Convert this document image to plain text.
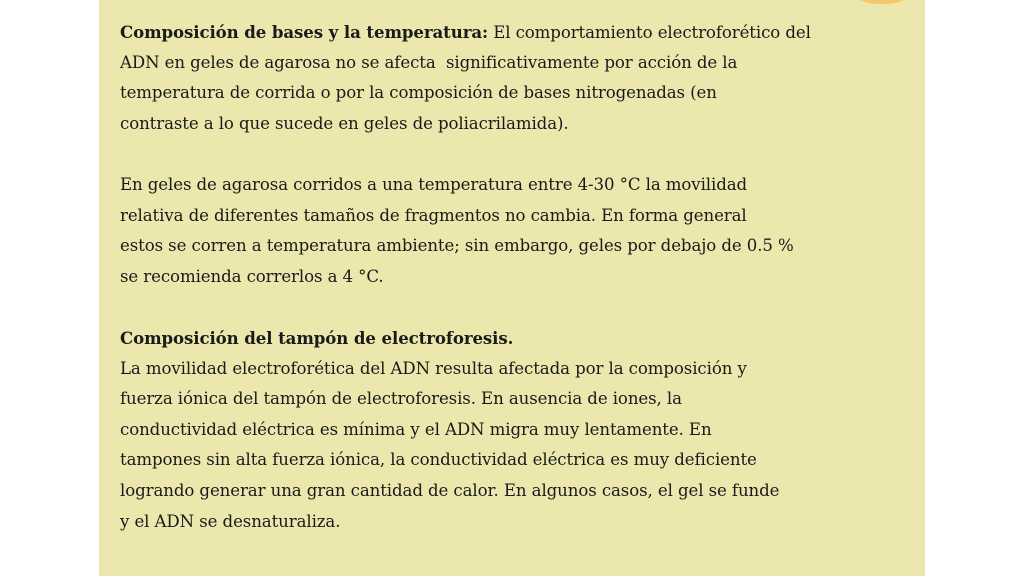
Composición de bases y la temperatura: El comportamiento electroforético del
ADN en geles de agarosa no se afecta  significativamente por acción de la
temperatura de corrida o por la composición de bases nitrogenadas (en
contraste a lo que sucede en geles de poliacrilamida).
En geles de agarosa corridos a una temperatura entre 4-30 °C la movilidad
relativa de diferentes tamaños de fragmentos no cambia. En forma general
estos se corren a temperatura ambiente; sin embargo, geles por debajo de 0.5 %
se recomienda correrlos a 4 °C.
Composición del tampón de electroforesis.
La movilidad electroforética del ADN resulta afectada por la composición y
fuerza iónica del tampón de electroforesis. En ausencia de iones, la
conductividad eléctrica es mínima y el ADN migra muy lentamente. En
tampones sin alta fuerza iónica, la conductividad eléctrica es muy deficiente
logrando generar una gran cantidad de calor. En algunos casos, el gel se funde
y el ADN se desnaturaliza.
